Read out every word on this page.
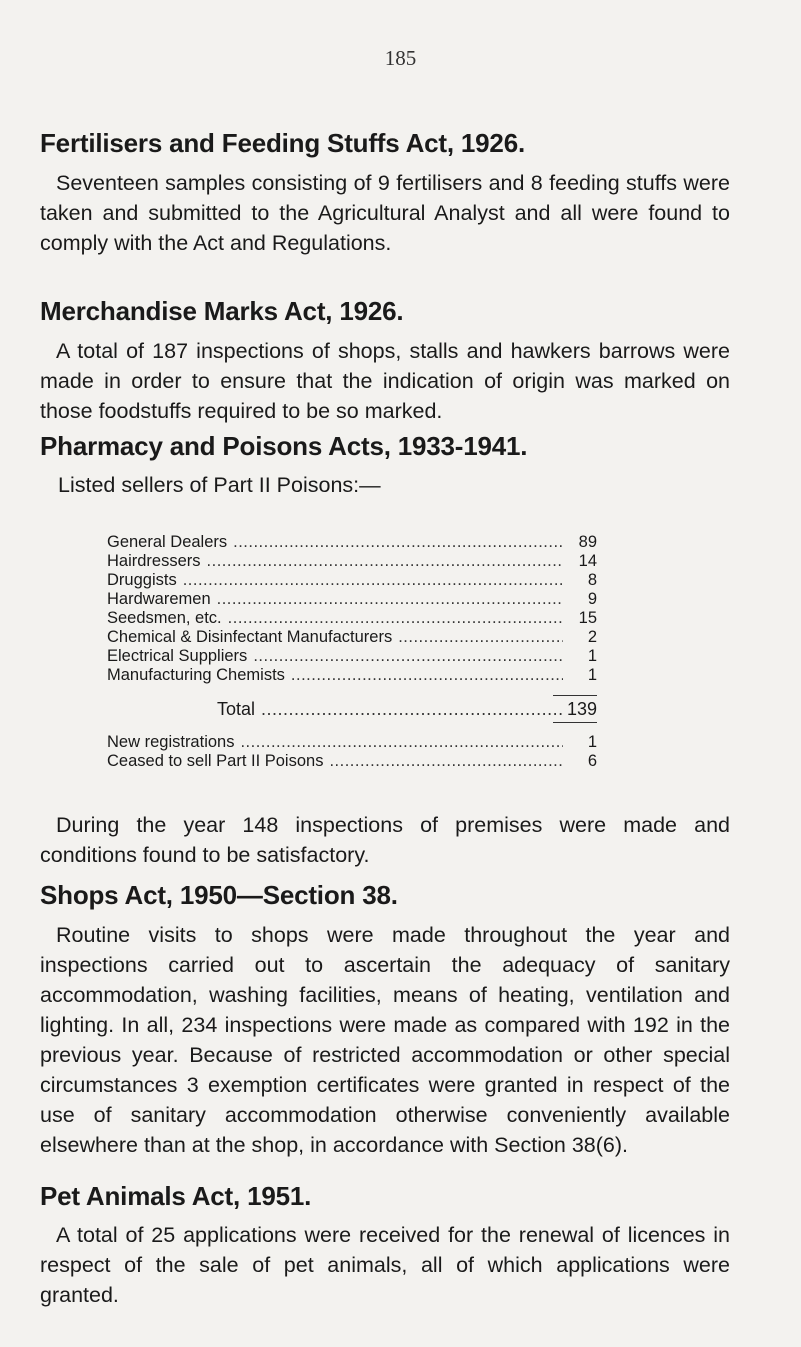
185
Fertilisers and Feeding Stuffs Act, 1926.

Seventeen samples consisting of 9 fertilisers and 8 feeding stuffs were taken and submitted to the Agricultural Analyst and all were found to comply with the Act and Regulations.

Merchandise Marks Act, 1926.

A total of 187 inspections of shops, stalls and hawkers barrows were made in order to ensure that the indication of origin was marked on those foodstuffs required to be so marked.

Pharmacy and Poisons Acts, 1933-1941.

Listed sellers of Part II Poisons:—

General Dealers .....	89
Hairdressers .....	14
Druggists .....	8
Hardwaremen .....	9
Seedsmen, etc. .....	15
Chemical & Disinfectant Manufacturers .....	2
Electrical Suppliers .....	1
Manufacturing Chemists .....	1
Total .....	139
New registrations .....	1
Ceased to sell Part II Poisons .....	6

During the year 148 inspections of premises were made and conditions found to be satisfactory.

Shops Act, 1950—Section 38.

Routine visits to shops were made throughout the year and inspections carried out to ascertain the adequacy of sanitary accommodation, washing facilities, means of heating, ventilation and lighting. In all, 234 inspections were made as compared with 192 in the previous year. Because of restricted accommodation or other special circumstances 3 exemption certificates were granted in respect of the use of sanitary accommodation otherwise conveniently available elsewhere than at the shop, in accordance with Section 38(6).

Pet Animals Act, 1951.

A total of 25 applications were received for the renewal of licences in respect of the sale of pet animals, all of which applications were granted.
